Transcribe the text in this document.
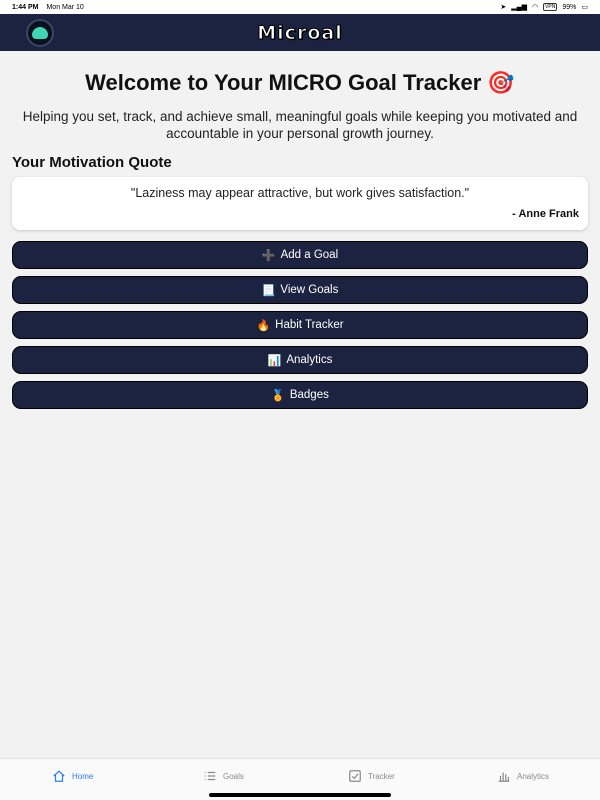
1:44 PM Mon Mar 10	➤ ▂▄▆ ◠	VPN 99% ▭
Microal
Welcome to Your MICRO Goal Tracker 🎯
Helping you set, track, and achieve small, meaningful goals while keeping you motivated and accountable in your personal growth journey.
Your Motivation Quote
"Laziness may appear attractive, but work gives satisfaction."
- Anne Frank
➕ Add a Goal
📃 View Goals
🔥 Habit Tracker
📊 Analytics
🏅 Badges
Home	Goals	Tracker	Analytics
